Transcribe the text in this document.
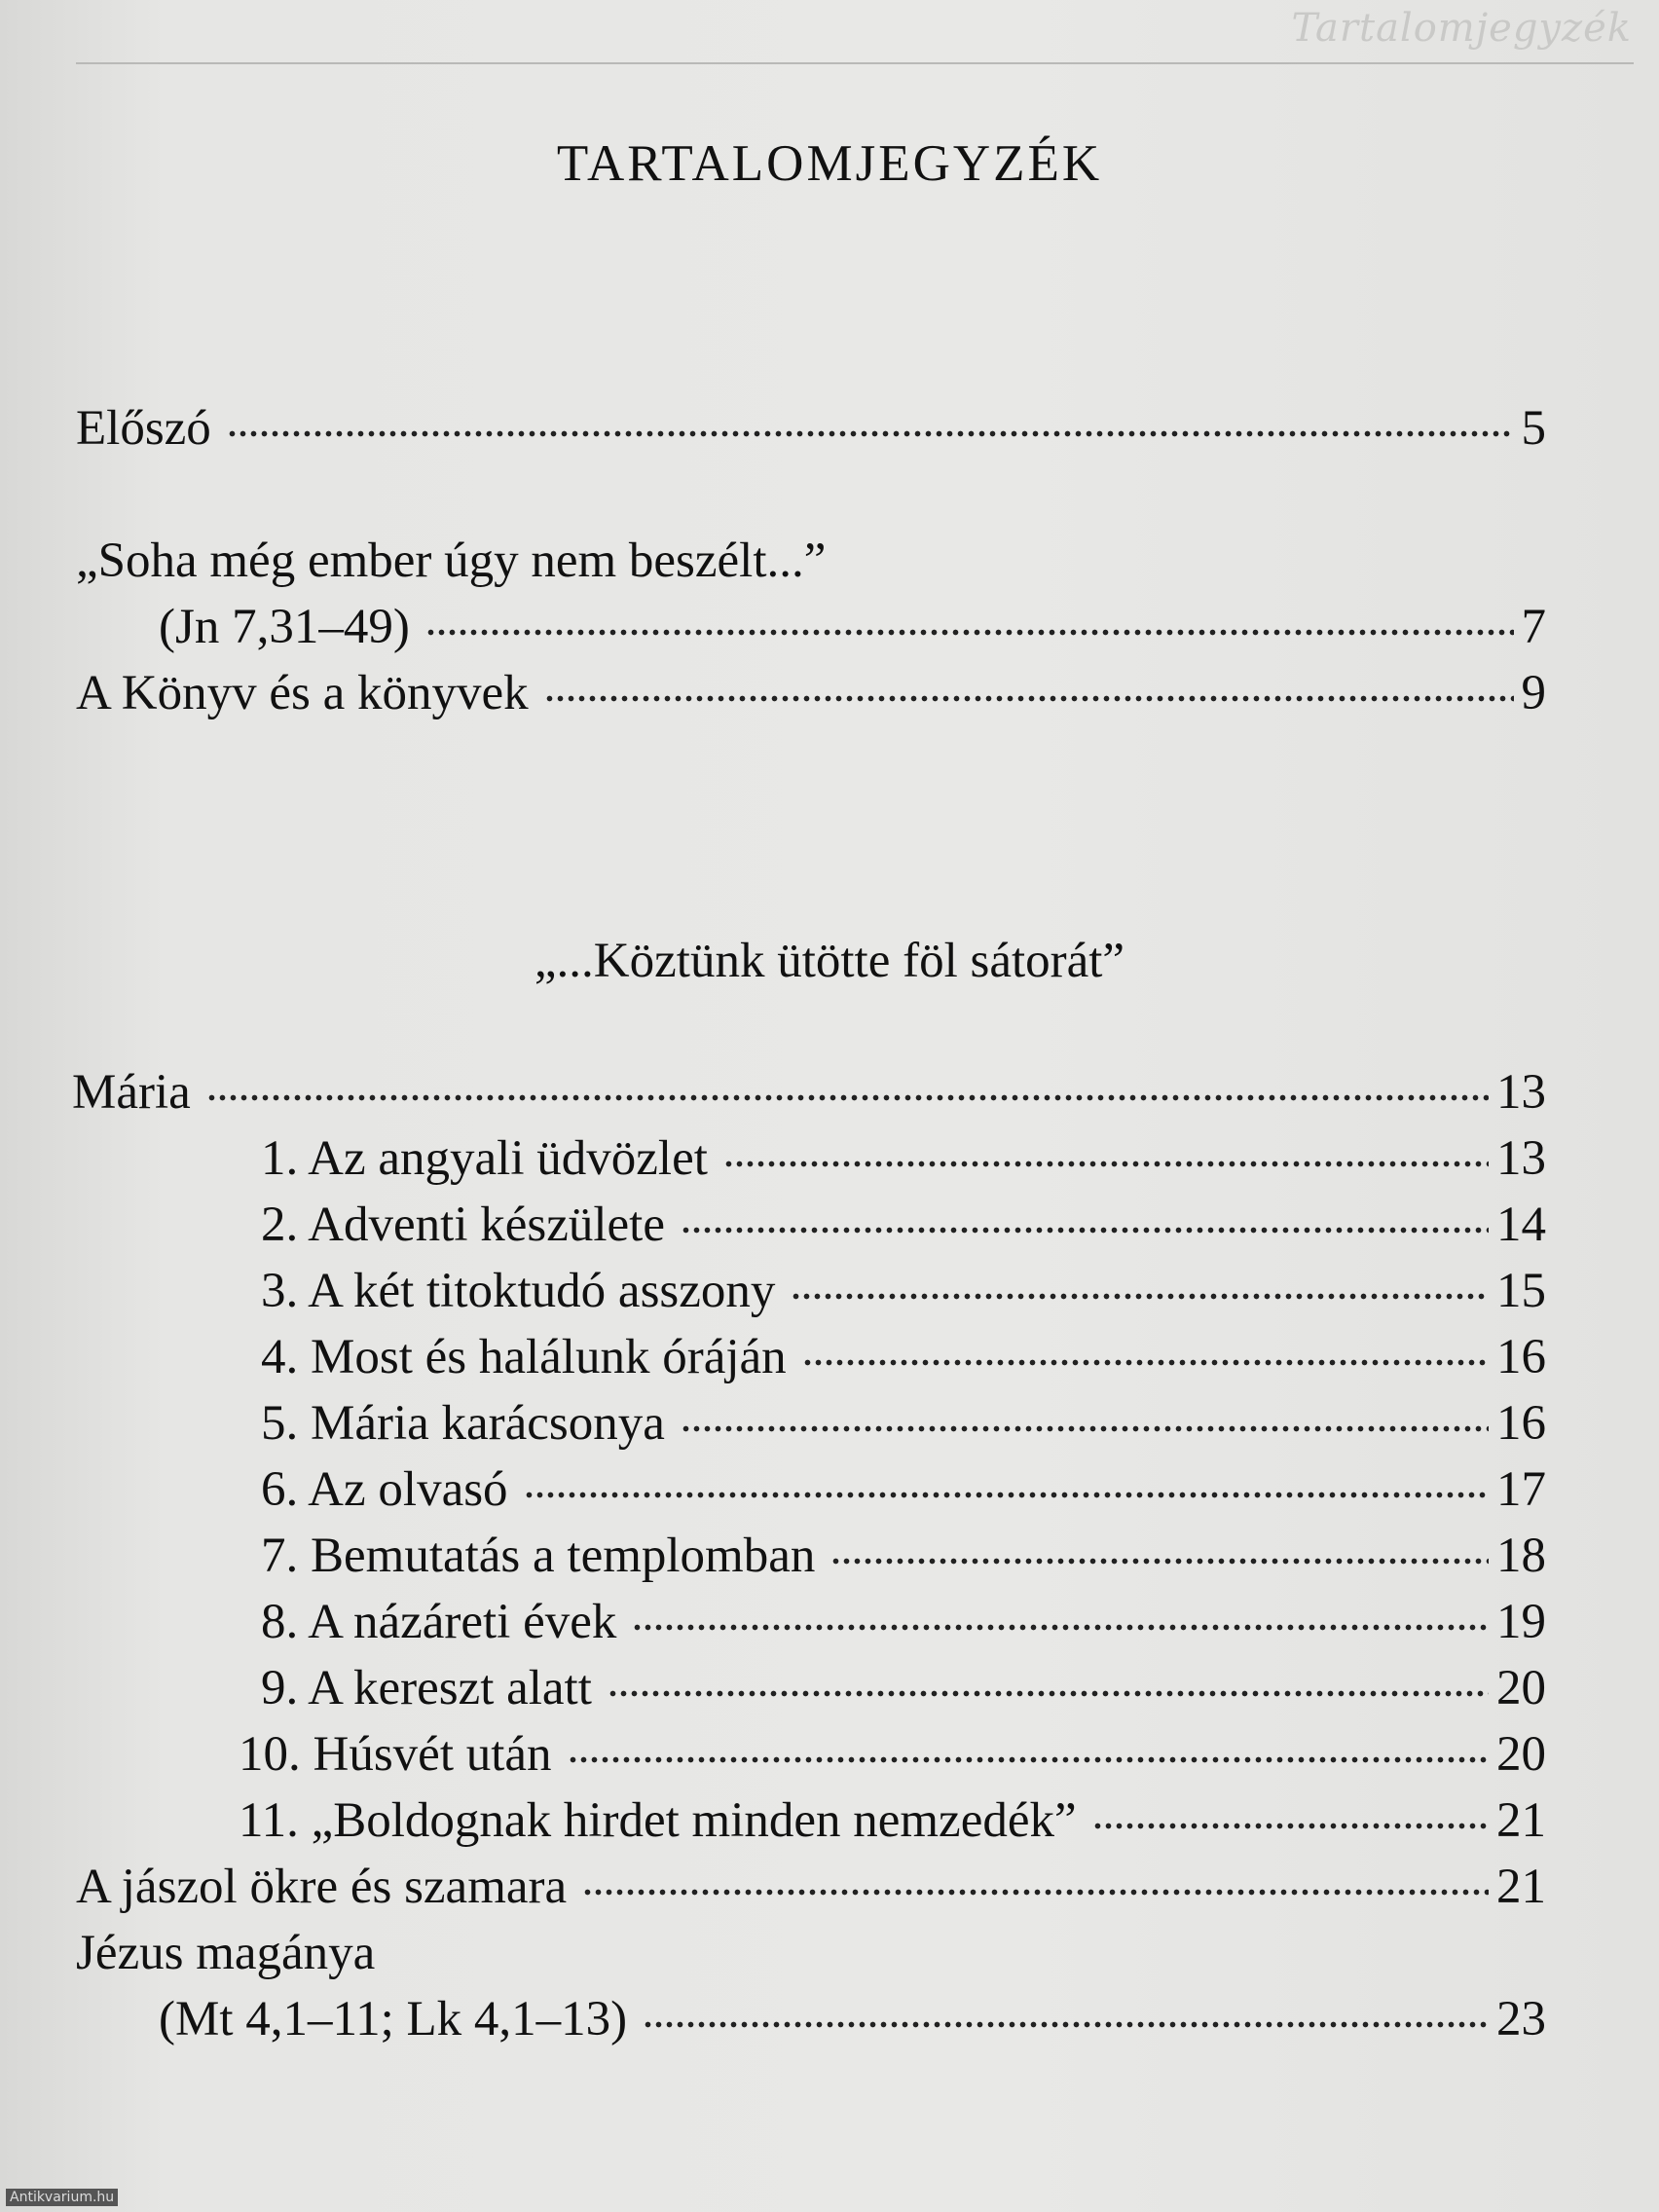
Tartalomjegyzék
TARTALOMJEGYZÉK
Előszó	5
„Soha még ember úgy nem beszélt...”
(Jn 7,31–49)	7
A Könyv és a könyvek	9
„...Köztünk ütötte föl sátorát”
Mária	13
1. Az angyali üdvözlet	13
2. Adventi készülete	14
3. A két titoktudó asszony	15
4. Most és halálunk óráján	16
5. Mária karácsonya	16
6. Az olvasó	17
7. Bemutatás a templomban	18
8. A názáreti évek	19
9. A kereszt alatt	20
10. Húsvét után	20
11. „Boldognak hirdet minden nemzedék”	21
A jászol ökre és szamara	21
Jézus magánya
(Mt 4,1–11; Lk 4,1–13)	23
Antikvarium.hu
